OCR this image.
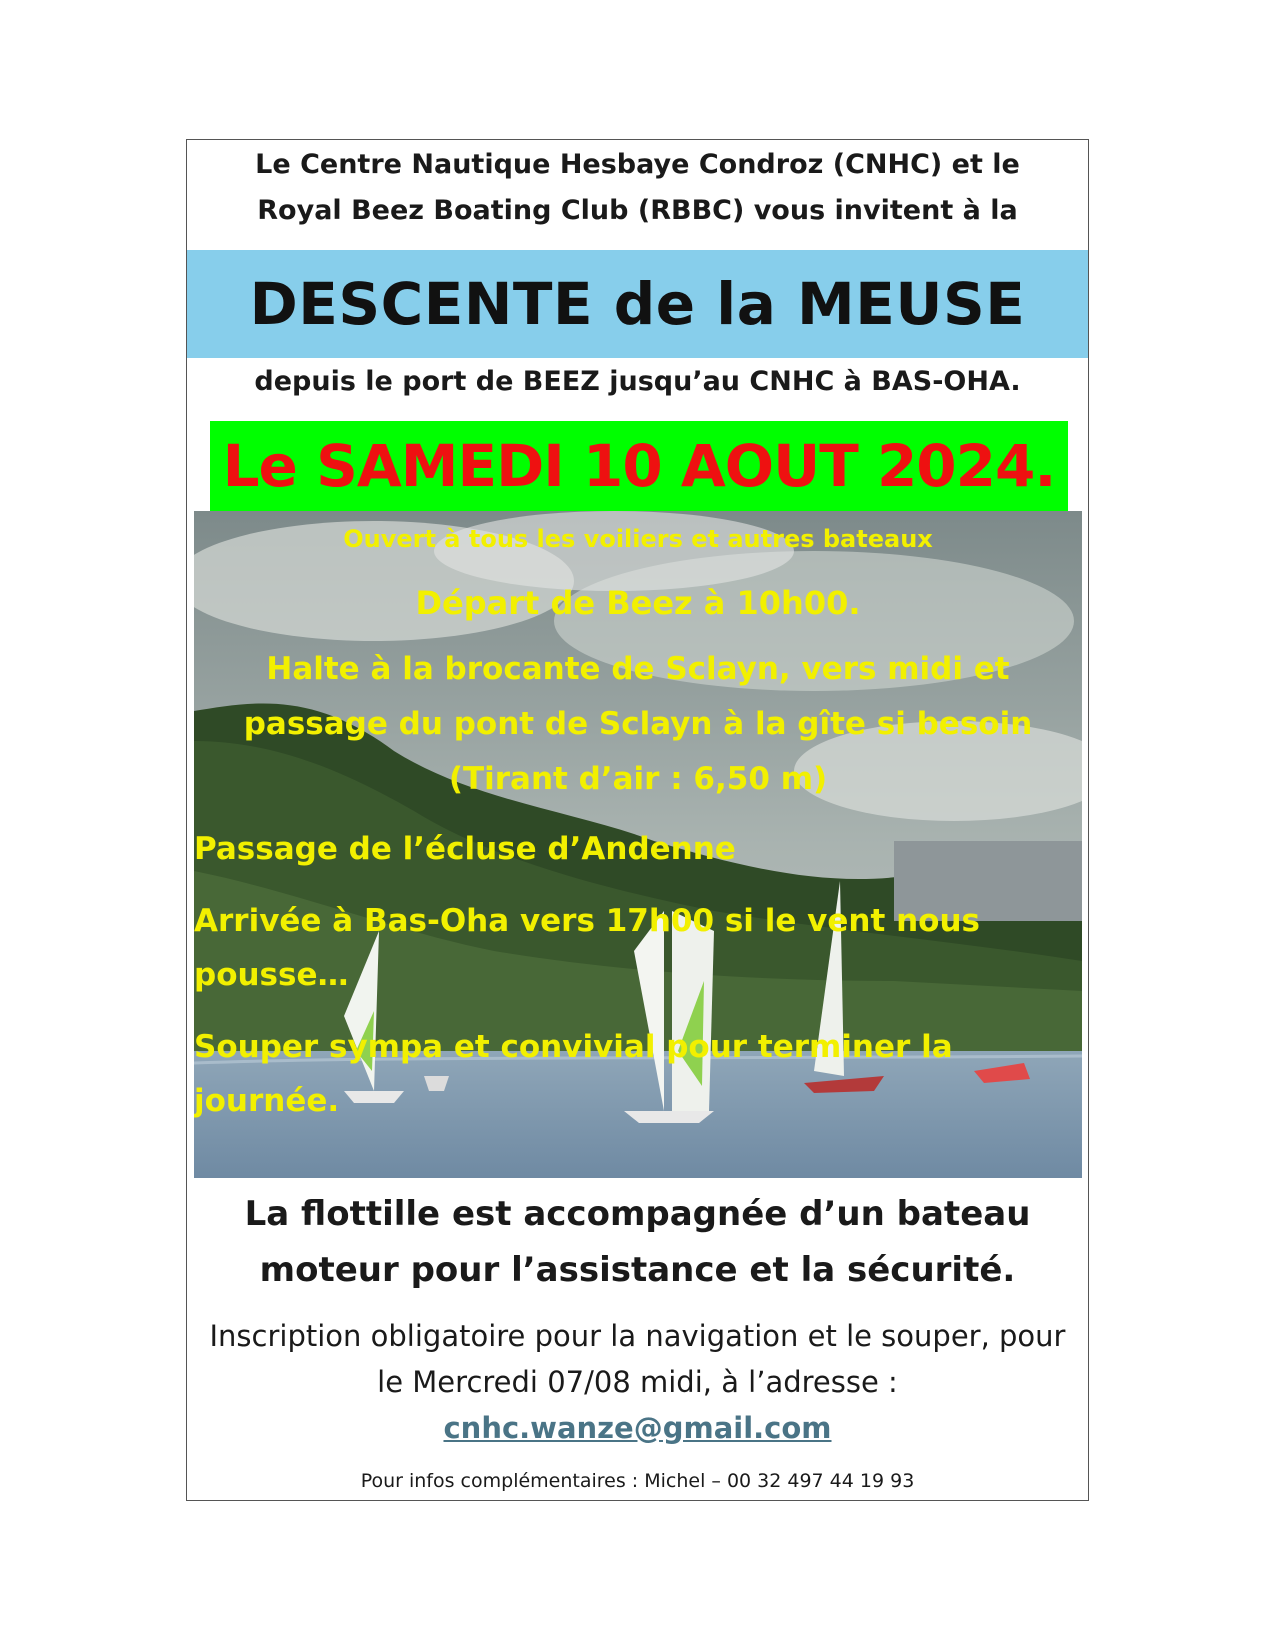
Le Centre Nautique Hesbaye Condroz (CNHC) et le
Royal Beez Boating Club (RBBC) vous invitent à la
DESCENTE de la MEUSE
depuis le port de BEEZ jusqu’au CNHC à BAS-OHA.
Le SAMEDI 10 AOUT 2024.
Ouvert à tous les voiliers et autres bateaux
Départ de Beez à 10h00.
Halte à la brocante de Sclayn, vers midi et
passage du pont de Sclayn à la gîte si besoin
(Tirant d’air : 6,50 m)
Passage de l’écluse d’Andenne
Arrivée à Bas-Oha vers 17h00 si le vent nous
pousse…
Souper sympa et convivial pour terminer la
journée.
La flottille est accompagnée d’un bateau
moteur pour l’assistance et la sécurité.
Inscription obligatoire pour la navigation et le souper, pour
le Mercredi 07/08 midi, à l’adresse :
cnhc.wanze@gmail.com
Pour infos complémentaires : Michel – 00 32 497 44 19 93
